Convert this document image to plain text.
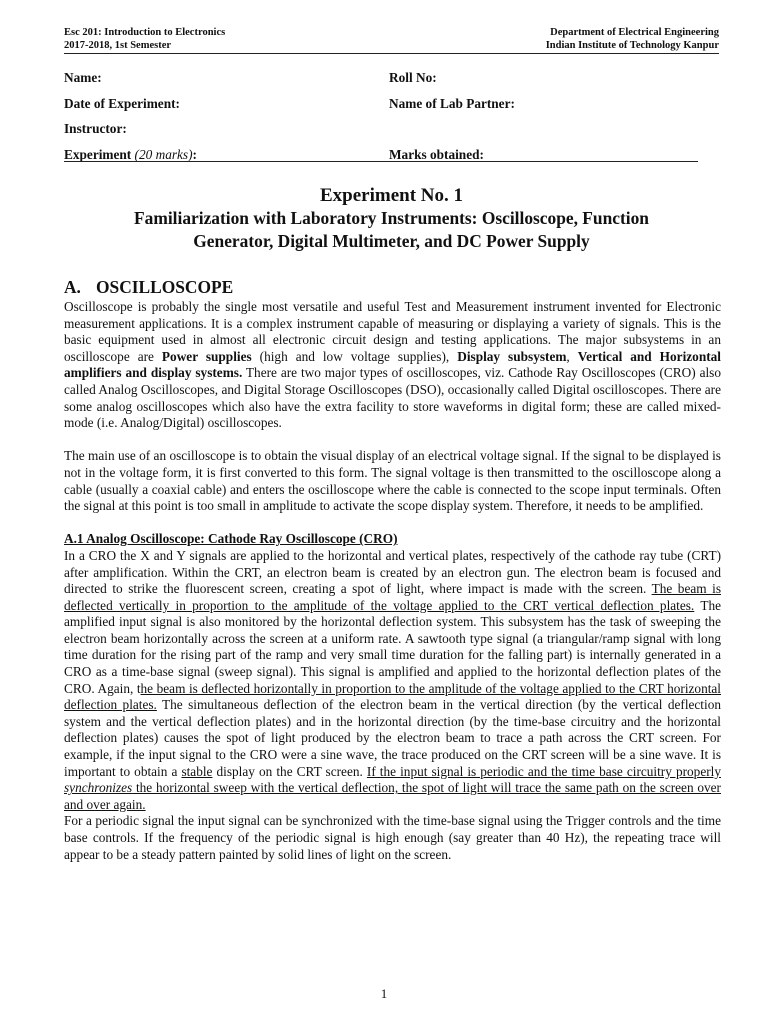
Esc 201: Introduction to Electronics
2017-2018, 1st Semester
Department of Electrical Engineering
Indian Institute of Technology Kanpur
Name:	Roll No:
Date of Experiment:	Name of Lab Partner:
Instructor:
Experiment (20 marks):	Marks obtained:
Experiment No. 1
Familiarization with Laboratory Instruments: Oscilloscope, Function
Generator, Digital Multimeter, and DC Power Supply
A. OSCILLOSCOPE

Oscilloscope is probably the single most versatile and useful Test and Measurement instrument invented for Electronic measurement applications. It is a complex instrument capable of measuring or displaying a variety of signals. This is the basic equipment used in almost all electronic circuit design and testing applications. The major subsystems in an oscilloscope are Power supplies (high and low voltage supplies), Display subsystem, Vertical and Horizontal amplifiers and display systems. There are two major types of oscilloscopes, viz. Cathode Ray Oscilloscopes (CRO) also called Analog Oscilloscopes, and Digital Storage Oscilloscopes (DSO), occasionally called Digital oscilloscopes. There are some analog oscilloscopes which also have the extra facility to store waveforms in digital form; these are called mixed-mode (i.e. Analog/Digital) oscilloscopes.

The main use of an oscilloscope is to obtain the visual display of an electrical voltage signal. If the signal to be displayed is not in the voltage form, it is first converted to this form. The signal voltage is then transmitted to the oscilloscope along a cable (usually a coaxial cable) and enters the oscilloscope where the cable is connected to the scope input terminals. Often the signal at this point is too small in amplitude to activate the scope display system. Therefore, it needs to be amplified.

A.1 Analog Oscilloscope: Cathode Ray Oscilloscope (CRO)

In a CRO the X and Y signals are applied to the horizontal and vertical plates, respectively of the cathode ray tube (CRT) after amplification. Within the CRT, an electron beam is created by an electron gun. The electron beam is focused and directed to strike the fluorescent screen, creating a spot of light, where impact is made with the screen. The beam is deflected vertically in proportion to the amplitude of the voltage applied to the CRT vertical deflection plates. The amplified input signal is also monitored by the horizontal deflection system. This subsystem has the task of sweeping the electron beam horizontally across the screen at a uniform rate. A sawtooth type signal (a triangular/ramp signal with long time duration for the rising part of the ramp and very small time duration for the falling part) is internally generated in a CRO as a time-base signal (sweep signal). This signal is amplified and applied to the horizontal deflection plates of the CRO. Again, the beam is deflected horizontally in proportion to the amplitude of the voltage applied to the CRT horizontal deflection plates. The simultaneous deflection of the electron beam in the vertical direction (by the vertical deflection system and the vertical deflection plates) and in the horizontal direction (by the time-base circuitry and the horizontal deflection plates) causes the spot of light produced by the electron beam to trace a path across the CRT screen. For example, if the input signal to the CRO were a sine wave, the trace produced on the CRT screen will be a sine wave. It is important to obtain a stable display on the CRT screen. If the input signal is periodic and the time base circuitry properly synchronizes the horizontal sweep with the vertical deflection, the spot of light will trace the same path on the screen over and over again.

For a periodic signal the input signal can be synchronized with the time-base signal using the Trigger controls and the time base controls. If the frequency of the periodic signal is high enough (say greater than 40 Hz), the repeating trace will appear to be a steady pattern painted by solid lines of light on the screen.

1
